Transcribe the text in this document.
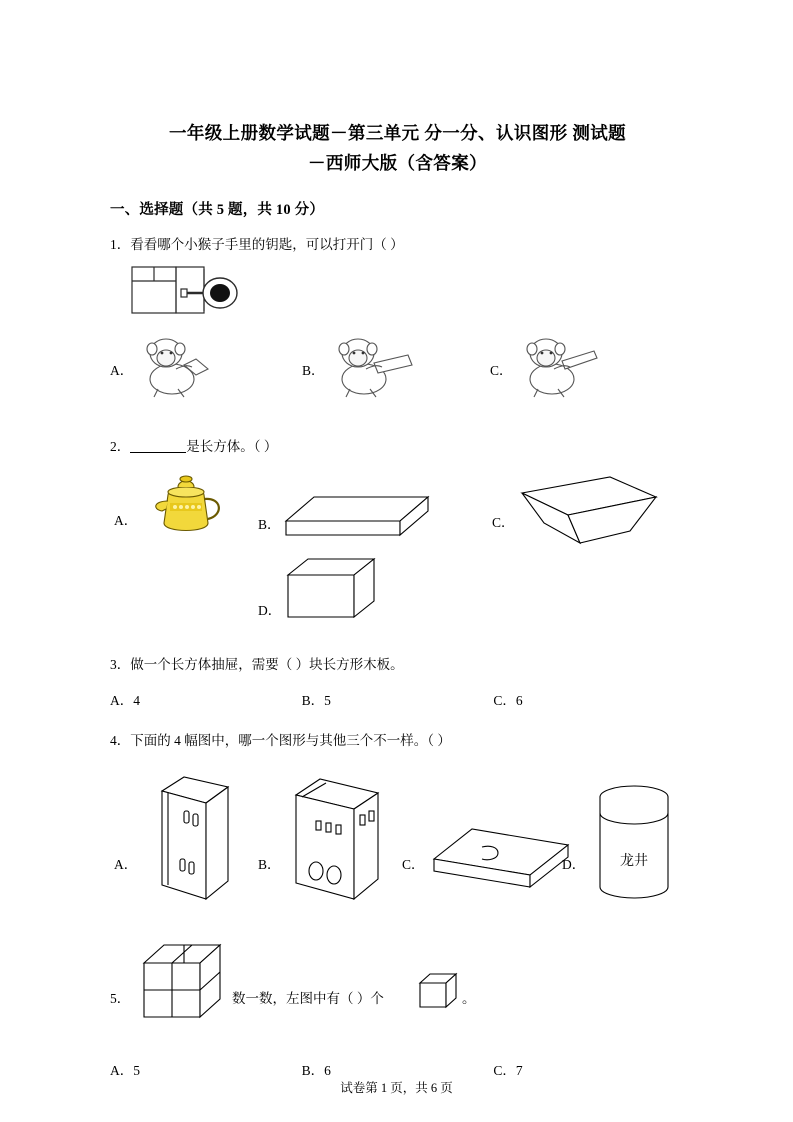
一年级上册数学试题－第三单元 分一分、认识图形 测试题
－西师大版（含答案）
一、选择题（共 5 题，共 10 分）
1．看看哪个小猴子手里的钥匙，可以打开门（ ）
A．	B．	C．
2．	是长方体。（ ）
A．	B．	C．
D．
3．做一个长方体抽屉，需要（ ）块长方形木板。
A．4	B．5	C．6
4．下面的 4 幅图中，哪一个图形与其他三个不一样。（ ）
A．	B．	C．	D． 龙井
5．	数一数，左图中有（ ）个	。
A．5	B．6	C．7
试卷第 1 页，共 6 页
